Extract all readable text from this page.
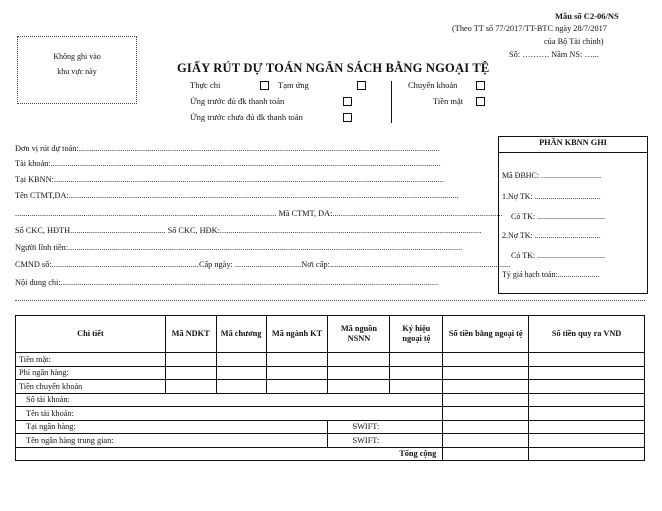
Mẫu số C2-06/NS
(Theo TT số 77/2017/TT-BTC ngày 28/7/2017
của Bộ Tài chính)
Số: ………. Năm NS: …...
Không ghi vào
khu vực này	GIẤY RÚT DỰ TOÁN NGÂN SÁCH BẰNG NGOẠI TỆ
Thực chi	Tạm ứng
Ứng trước đủ đk thanh toán
Ứng trước chưa đủ đk thanh toán
Chuyển khoản
Tiền mặt
Đơn vị rút dự toán:..............................................................................................................................................................................
Tài khoản:............................................................................................................................................................................................
Tại KBNN:............................................................................................................................................................................................
Tên CTMT,DA:............................................................................................................................................................................................
.............................................................................................................................. Mã CTMT, DA:..................................................................................
Số CKC, HĐTH.............................................. Số CKC, HĐK:..............................................................................................................................
Người lĩnh tiền:..............................................................................................................................................................................................
CMND số:.......................................................................Cấp ngày: ................................Nơi cấp:.......................................................................................
Nội dung chi:......................................................................................................................................................................................
PHẦN KBNN GHI
Mã ĐBHC: ..............................
1.Nợ TK: .................................
Có TK: ..................................
2.Nợ TK: .................................
Có TK: ..................................
Tỷ giá hạch toán:.....................
Chi tiết	Mã NDKT	Mã chương	Mã ngành KT	Mã nguồn NSNN	Ký hiệu ngoại tệ	Số tiền bằng ngoại tệ	Số tiền quy ra VND
Tiền mặt:							
Phí ngân hàng:							
Tiền chuyển khoản							
Số tài khoản:							
Tên tài khoản:							
Tại ngân hàng:				SWIFT:			
Tên ngân hàng trung gian:				SWIFT:			
Tổng cộng							
